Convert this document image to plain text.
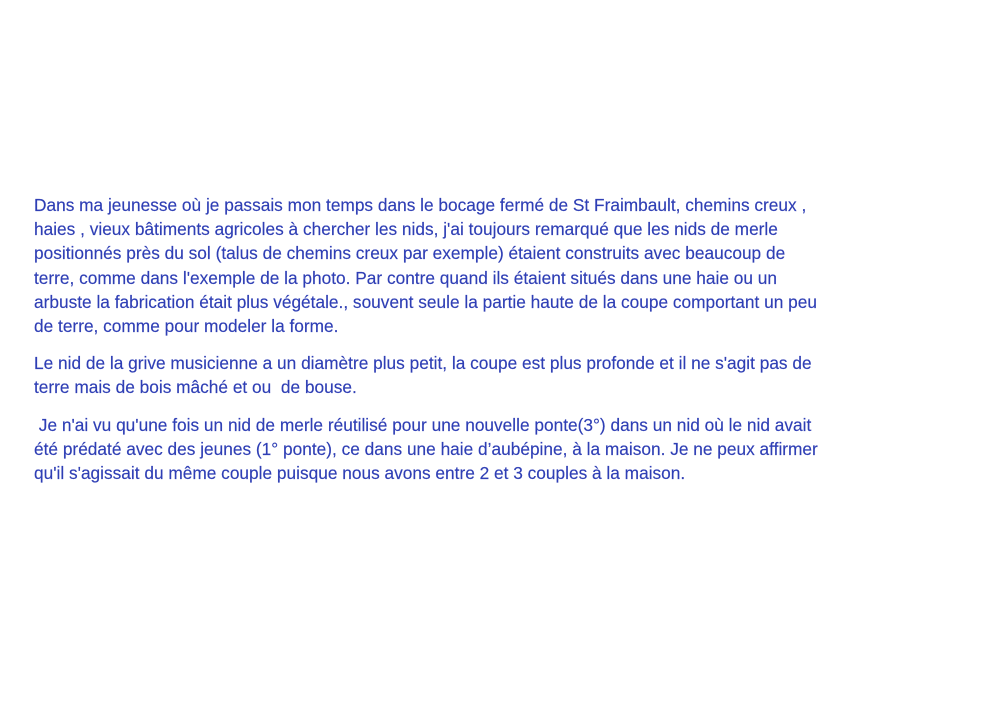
Dans ma jeunesse où je passais mon temps dans le bocage fermé de St Fraimbault, chemins creux ,
haies , vieux bâtiments agricoles à chercher les nids, j'ai toujours remarqué que les nids de merle
positionnés près du sol (talus de chemins creux par exemple) étaient construits avec beaucoup de
terre, comme dans l'exemple de la photo. Par contre quand ils étaient situés dans une haie ou un
arbuste la fabrication était plus végétale., souvent seule la partie haute de la coupe comportant un peu
de terre, comme pour modeler la forme.

Le nid de la grive musicienne a un diamètre plus petit, la coupe est plus profonde et il ne s'agit pas de
terre mais de bois mâché et ou  de bouse.

Je n'ai vu qu'une fois un nid de merle réutilisé pour une nouvelle ponte(3°) dans un nid où le nid avait
été prédaté avec des jeunes (1° ponte), ce dans une haie d’aubépine, à la maison. Je ne peux affirmer
qu'il s'agissait du même couple puisque nous avons entre 2 et 3 couples à la maison.
